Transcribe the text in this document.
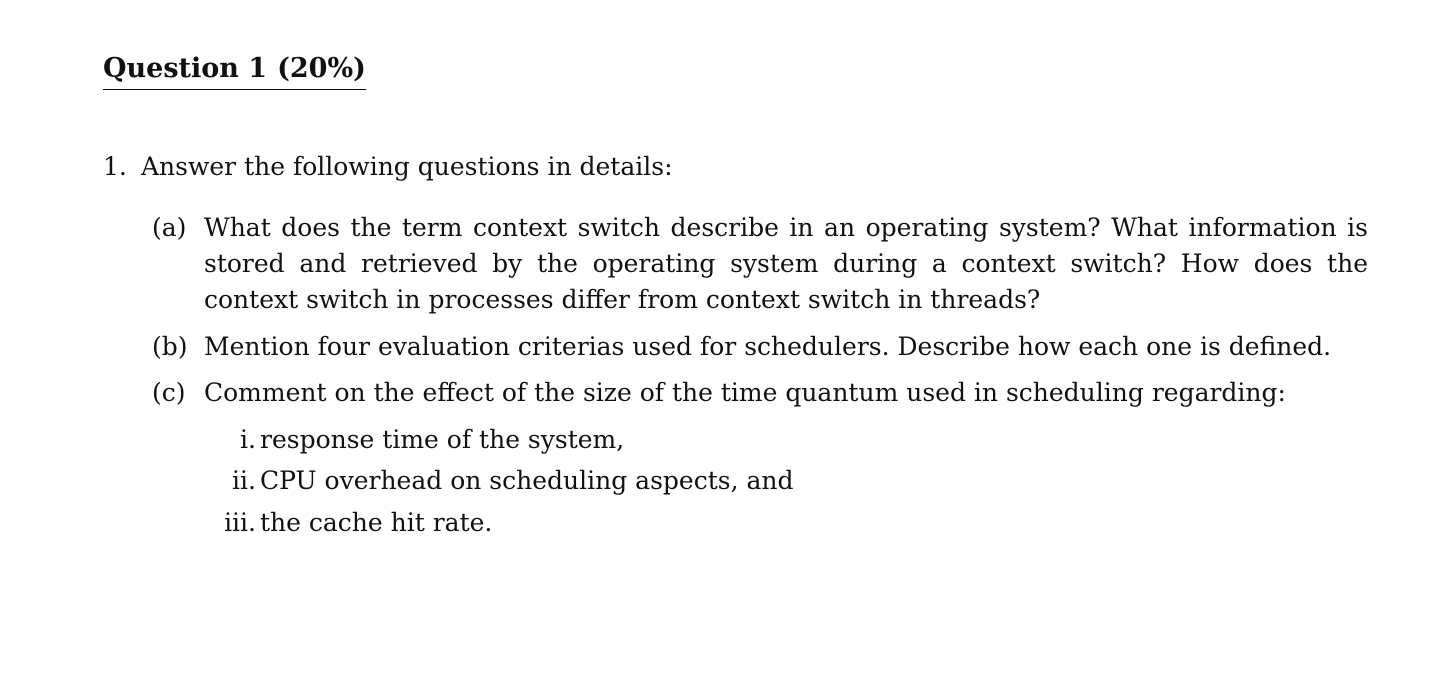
Question 1 (20%)
1. Answer the following questions in details:
(a) What does the term context switch describe in an operating system? What information is stored and retrieved by the operating system during a context switch? How does the context switch in processes differ from context switch in threads?
(b) Mention four evaluation criterias used for schedulers. Describe how each one is defined.
(c) Comment on the effect of the size of the time quantum used in scheduling regarding:
i. response time of the system,
ii. CPU overhead on scheduling aspects, and
iii. the cache hit rate.
